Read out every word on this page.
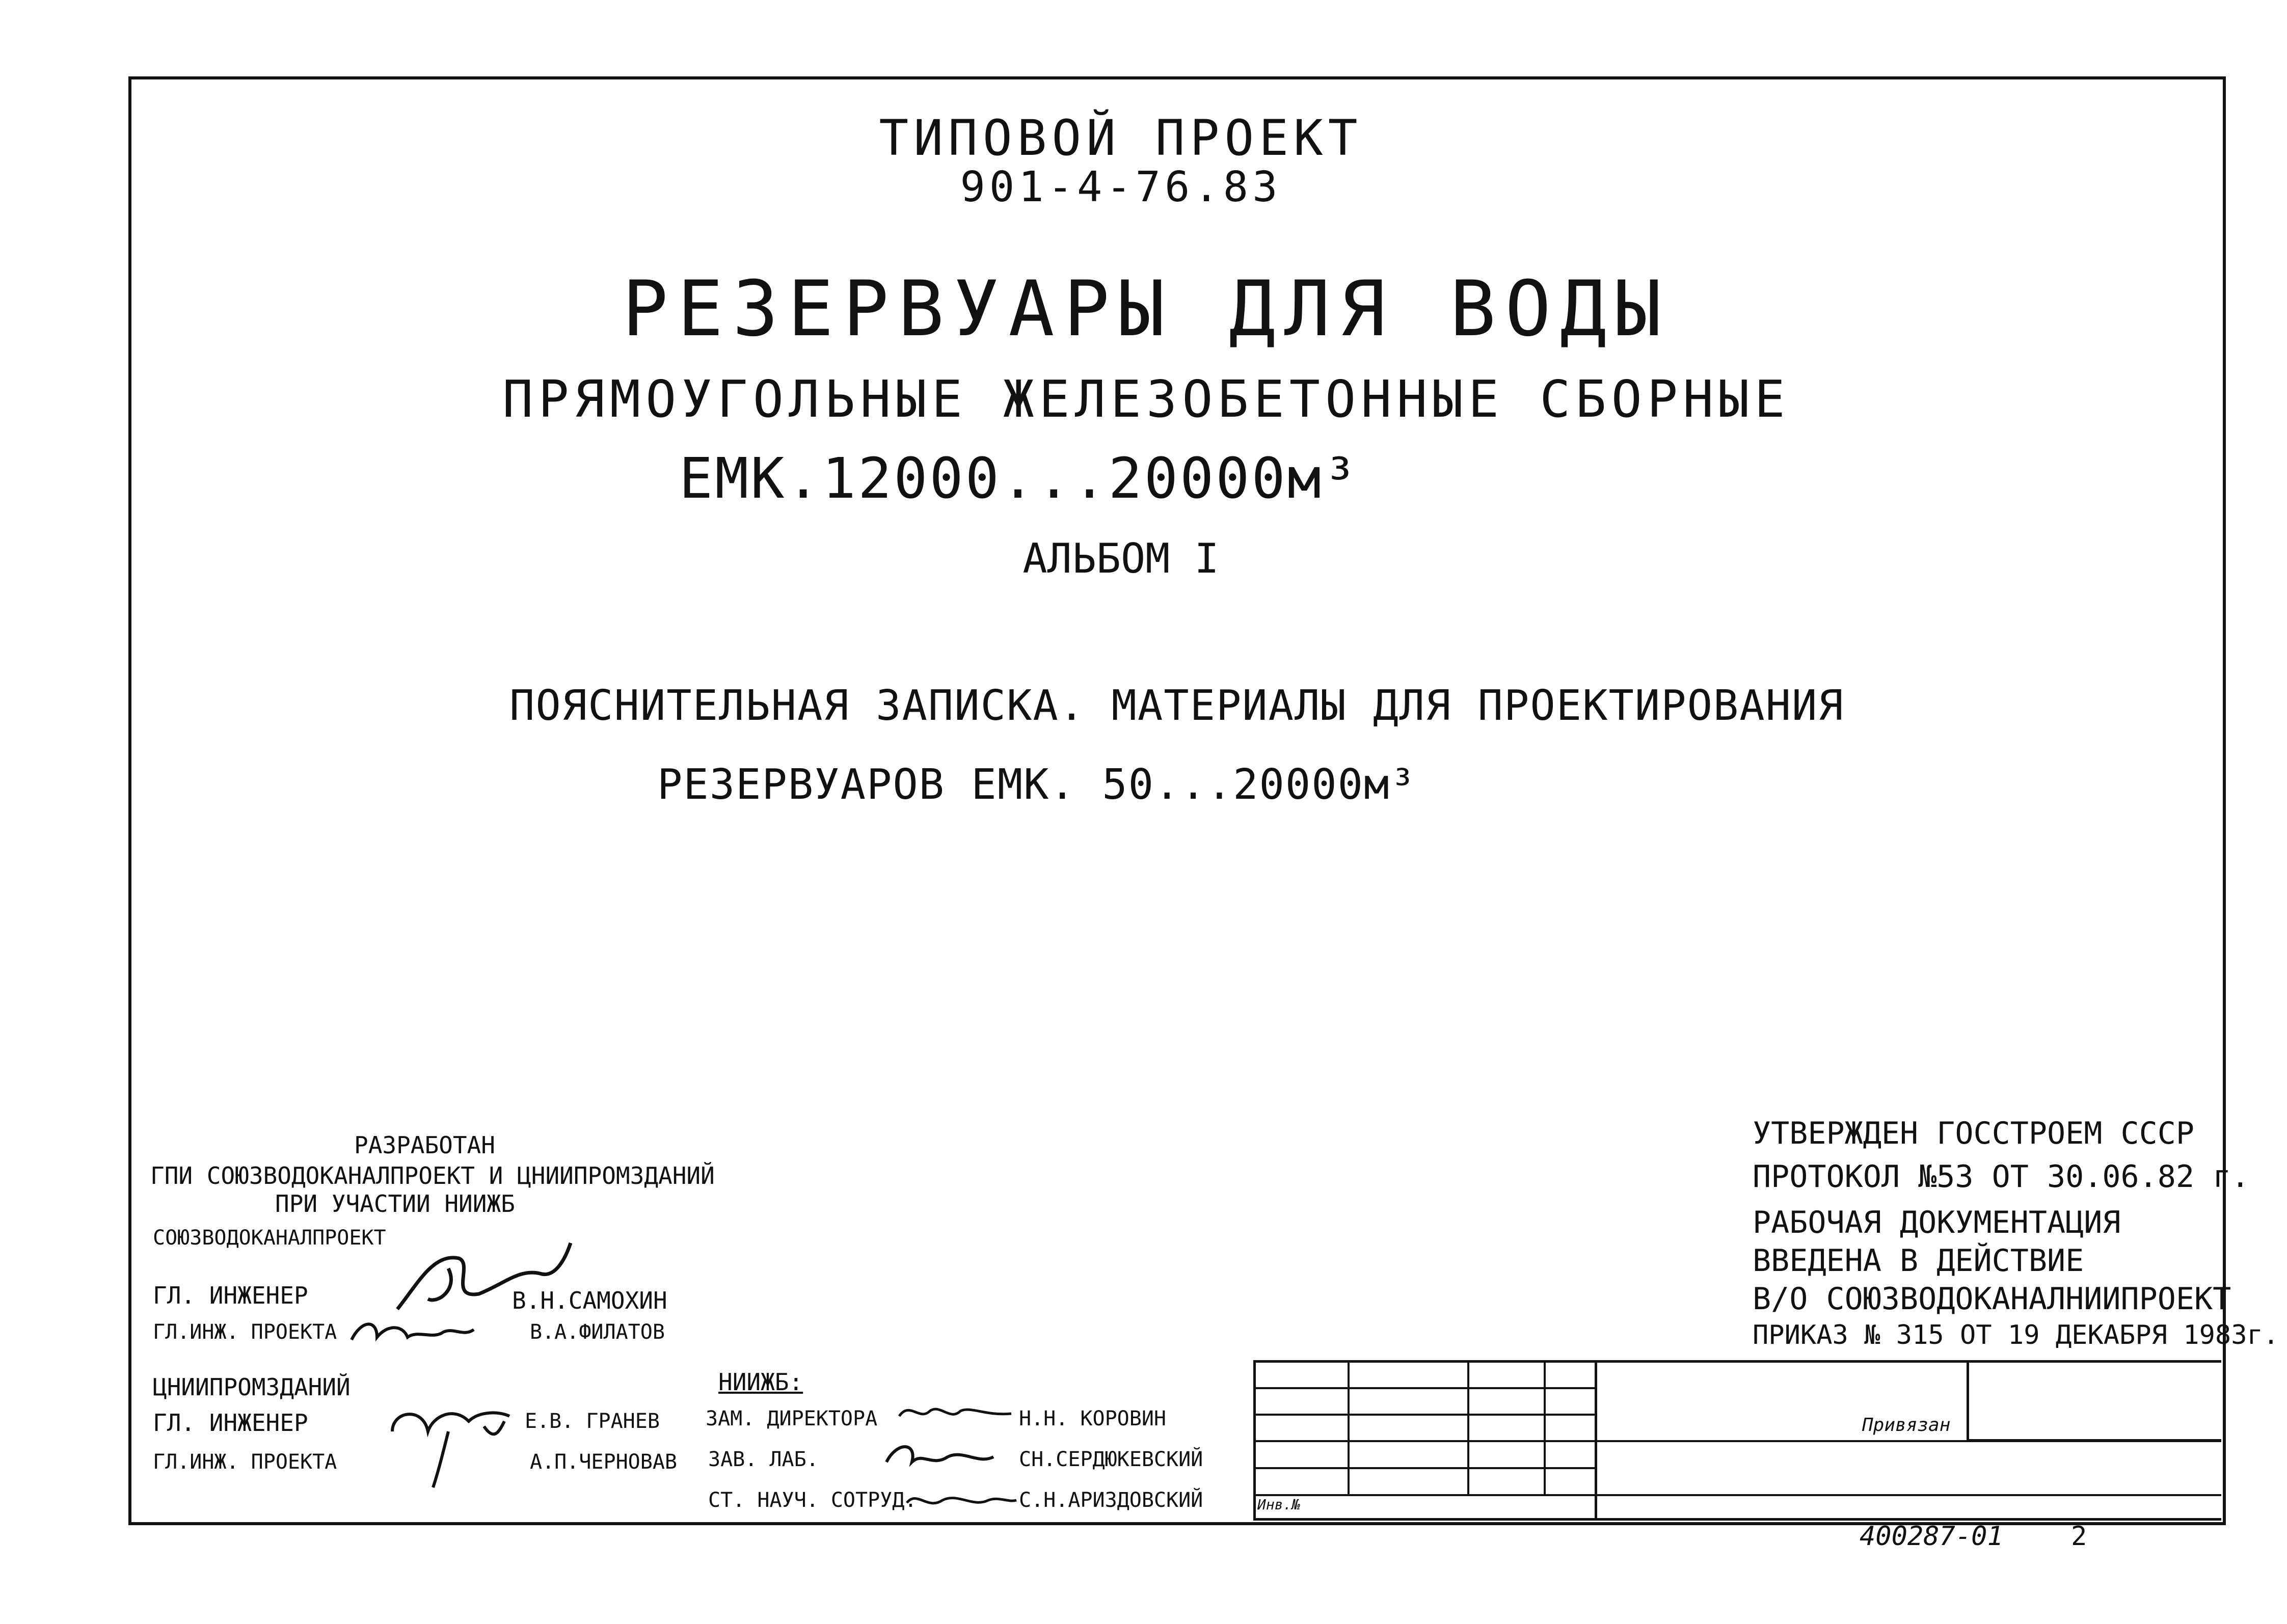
ТИПОВОЙ ПРОЕКТ
901-4-76.83
РЕЗЕРВУАРЫ ДЛЯ ВОДЫ
ПРЯМОУГОЛЬНЫЕ ЖЕЛЕЗОБЕТОННЫЕ СБОРНЫЕ
ЕМК.12000...20000м³
АЛЬБОМ I
ПОЯСНИТЕЛЬНАЯ ЗАПИСКА. МАТЕРИАЛЫ ДЛЯ ПРОЕКТИРОВАНИЯ
РЕЗЕРВУАРОВ ЕМК. 50...20000м³
РАЗРАБОТАН
ГПИ СОЮЗВОДОКАНАЛПРОЕКТ И ЦНИИПРОМЗДАНИЙ
ПРИ УЧАСТИИ НИИЖБ
СОЮЗВОДОКАНАЛПРОЕКТ
ГЛ. ИНЖЕНЕР	В.Н.САМОХИН
ГЛ.ИНЖ. ПРОЕКТА	В.А.ФИЛАТОВ
ЦНИИПРОМЗДАНИЙ
ГЛ. ИНЖЕНЕР	Е.В. ГРАНЕВ
ГЛ.ИНЖ. ПРОЕКТА	А.П.ЧЕРНОВАВ
НИИЖБ:
ЗАМ. ДИРЕКТОРА	Н.Н. КОРОВИН
ЗАВ. ЛАБ.	СН.СЕРДЮКЕВСКИЙ
СТ. НАУЧ. СОТРУД.	С.Н.АРИЗДОВСКИЙ
УТВЕРЖДЕН ГОССТРОЕМ СССР
ПРОТОКОЛ №53 ОТ 30.06.82 г.
РАБОЧАЯ ДОКУМЕНТАЦИЯ
ВВЕДЕНА В ДЕЙСТВИЕ
В/О СОЮЗВОДОКАНАЛНИИПРОЕКТ
ПРИКАЗ № 315 ОТ 19 ДЕКАБРЯ 1983г.
Привязан
Инв.№
400287-01	2
